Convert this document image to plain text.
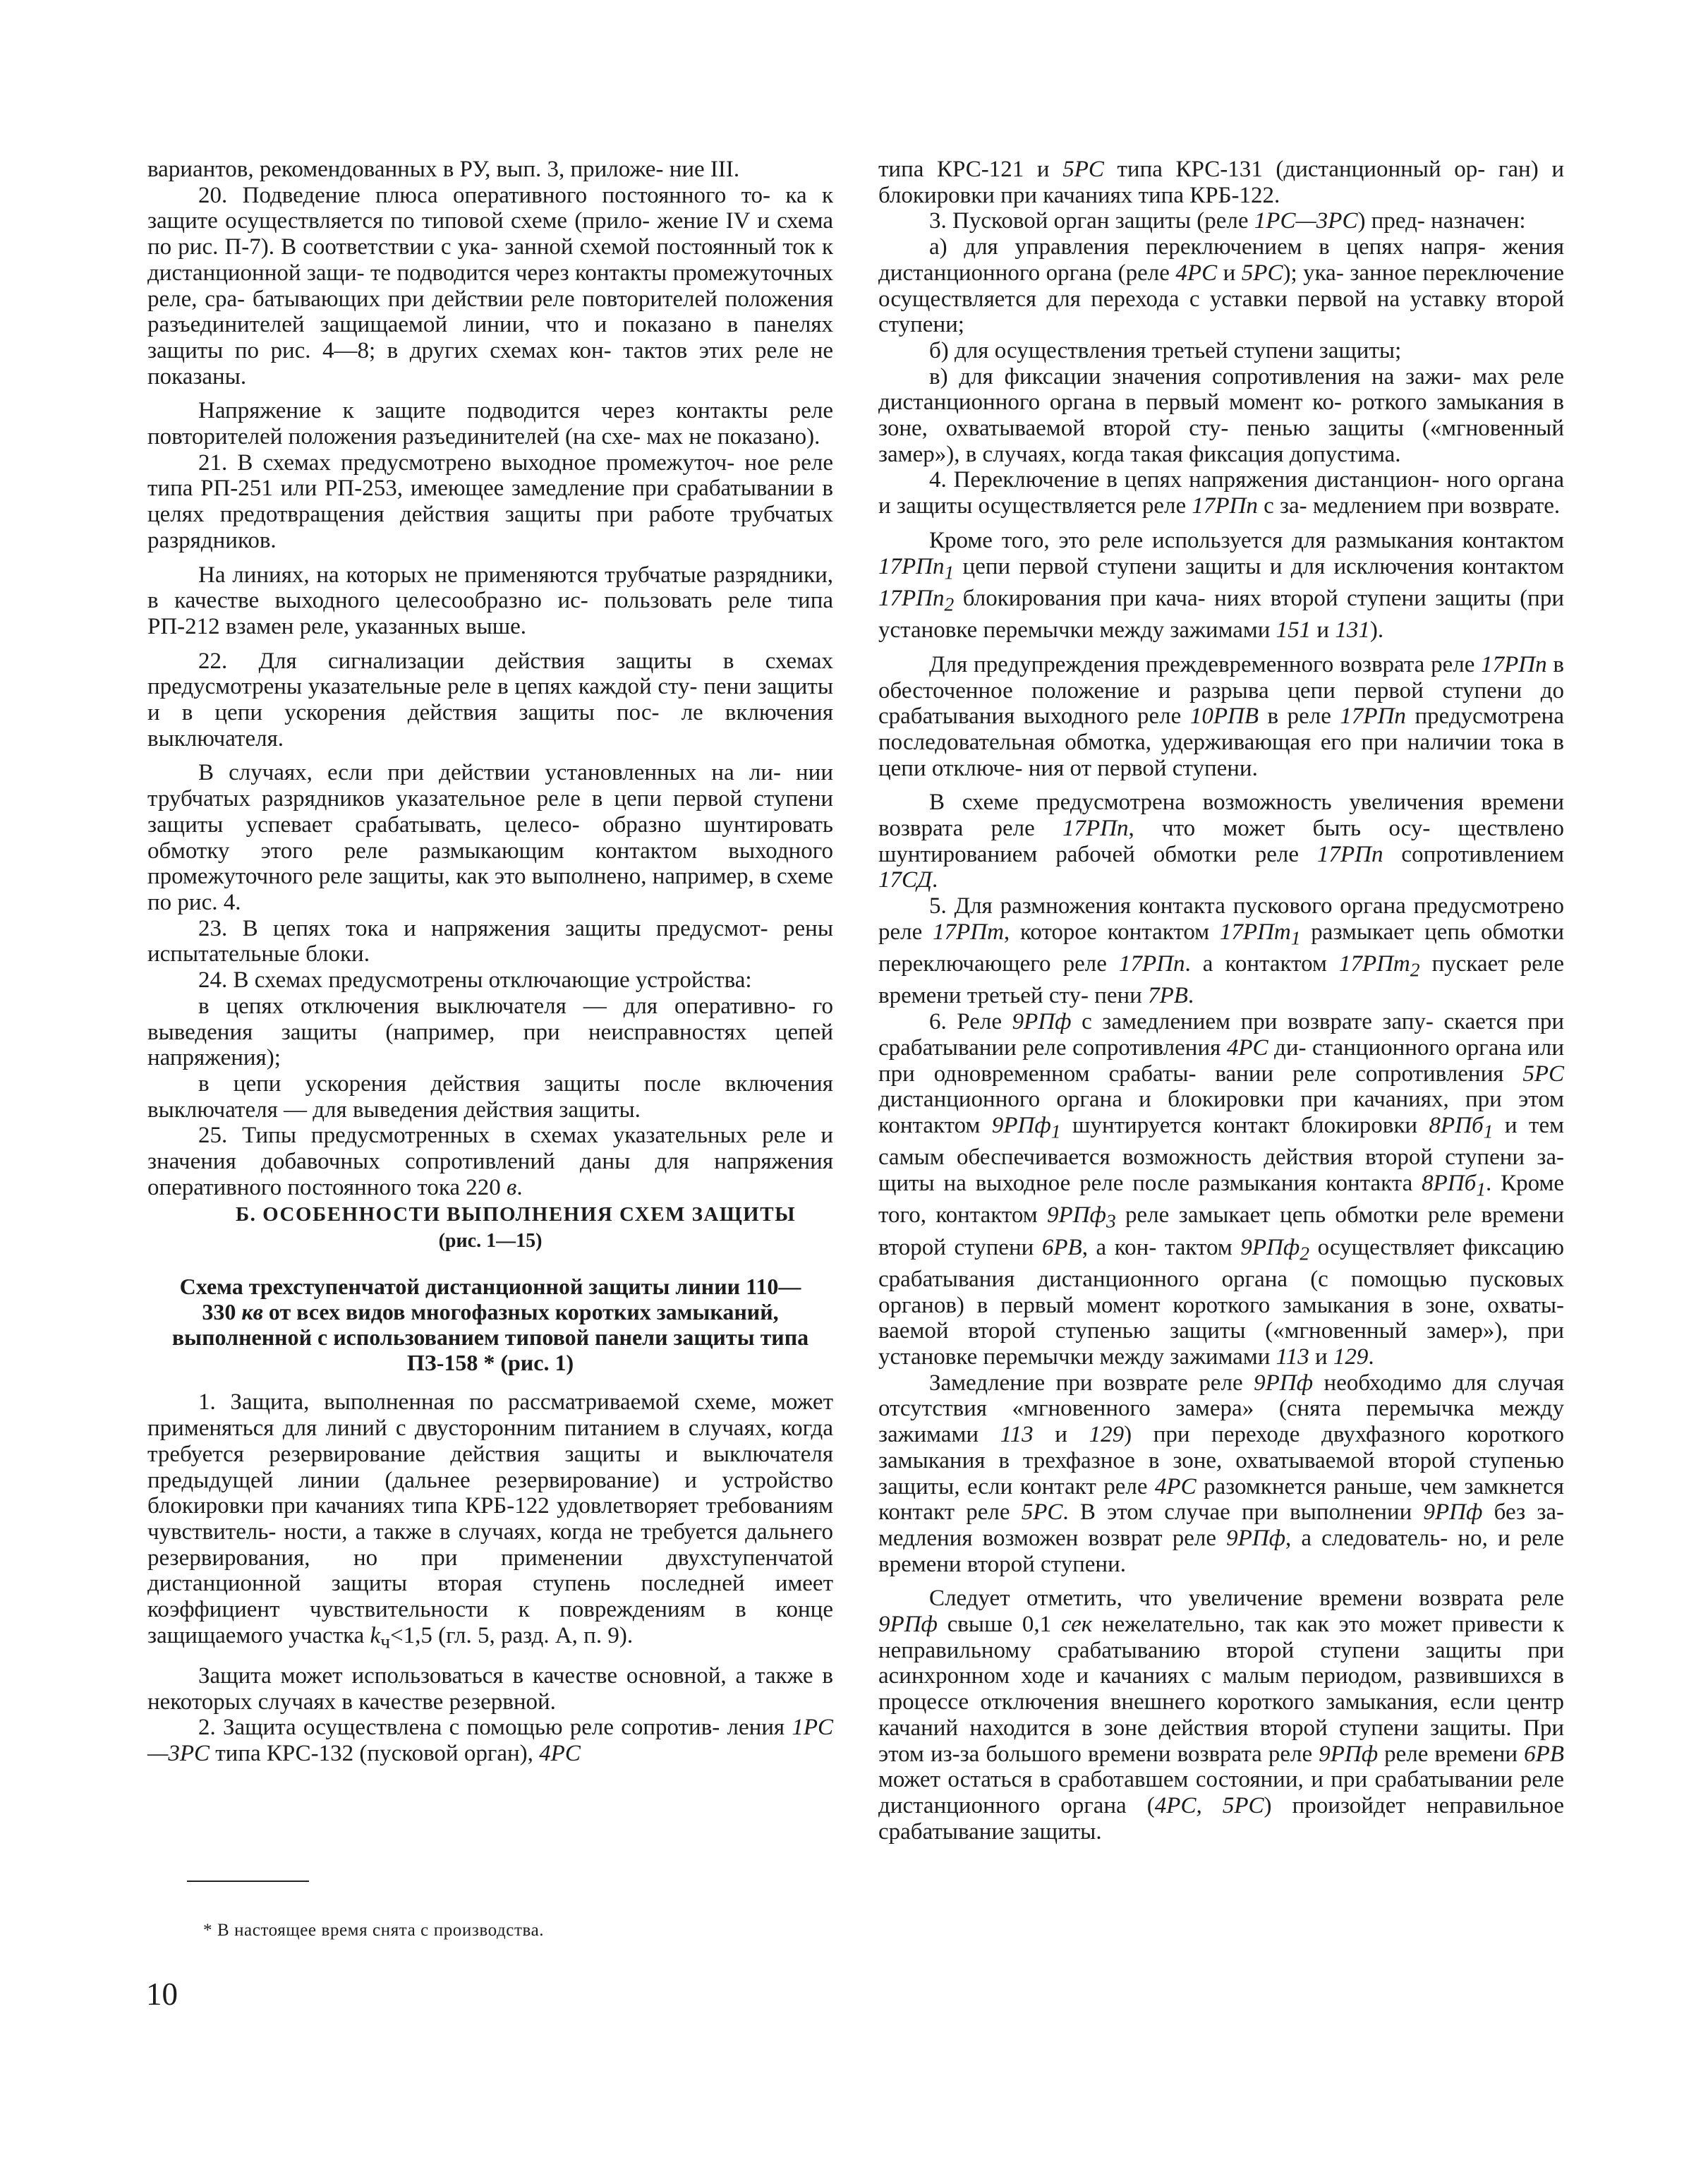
вариантов, рекомендованных в РУ, вып. 3, приложе- ние III.

20. Подведение плюса оперативного постоянного то- ка к защите осуществляется по типовой схеме (прило- жение IV и схема по рис. П-7). В соответствии с ука- занной схемой постоянный ток к дистанционной защи- те подводится через контакты промежуточных реле, сра- батывающих при действии реле повторителей положения разъединителей защищаемой линии, что и показано в панелях защиты по рис. 4—8; в других схемах кон- тактов этих реле не показаны.

Напряжение к защите подводится через контакты реле повторителей положения разъединителей (на схе- мах не показано).

21. В схемах предусмотрено выходное промежуточ- ное реле типа РП-251 или РП-253, имеющее замедление при срабатывании в целях предотвращения действия защиты при работе трубчатых разрядников.

На линиях, на которых не применяются трубчатые разрядники, в качестве выходного целесообразно ис- пользовать реле типа РП-212 взамен реле, указанных выше.

22. Для сигнализации действия защиты в схемах предусмотрены указательные реле в цепях каждой сту- пени защиты и в цепи ускорения действия защиты пос- ле включения выключателя.

В случаях, если при действии установленных на ли- нии трубчатых разрядников указательное реле в цепи первой ступени защиты успевает срабатывать, целесо- образно шунтировать обмотку этого реле размыкающим контактом выходного промежуточного реле защиты, как это выполнено, например, в схеме по рис. 4.

23. В цепях тока и напряжения защиты предусмот- рены испытательные блоки.

24. В схемах предусмотрены отключающие устройства:

в цепях отключения выключателя — для оперативно- го выведения защиты (например, при неисправностях цепей напряжения);

в цепи ускорения действия защиты после включения выключателя — для выведения действия защиты.

25. Типы предусмотренных в схемах указательных реле и значения добавочных сопротивлений даны для напряжения оперативного постоянного тока 220 в.

Б. ОСОБЕННОСТИ ВЫПОЛНЕНИЯ СХЕМ ЗАЩИТЫ

(рис. 1—15)
Схема трехступенчатой дистанционной защиты линии 110—330 кв от всех видов многофазных коротких замыканий, выполненной с использованием типовой панели защиты типа ПЗ-158 * (рис. 1)

1. Защита, выполненная по рассматриваемой схеме, может применяться для линий с двусторонним питанием в случаях, когда требуется резервирование действия защиты и выключателя предыдущей линии (дальнее резервирование) и устройство блокировки при качаниях типа КРБ-122 удовлетворяет требованиям чувствитель- ности, а также в случаях, когда не требуется дальнего резервирования, но при применении двухступенчатой дистанционной защиты вторая ступень последней имеет коэффициент чувствительности к повреждениям в конце защищаемого участка $k_ч<1,5$ (гл. 5, разд. А, п. 9).

Защита может использоваться в качестве основной, а также в некоторых случаях в качестве резервной.

2. Защита осуществлена с помощью реле сопротив- ления 1РС—3РС типа КРС-132 (пусковой орган), 4РС

типа КРС-121 и 5РС типа КРС-131 (дистанционный ор- ган) и блокировки при качаниях типа КРБ-122.

3. Пусковой орган защиты (реле 1РС—3РС) пред- назначен:

а) для управления переключением в цепях напря- жения дистанционного органа (реле 4РС и 5РС); ука- занное переключение осуществляется для перехода с уставки первой на уставку второй ступени;

б) для осуществления третьей ступени защиты;

в) для фиксации значения сопротивления на зажи- мах реле дистанционного органа в первый момент ко- роткого замыкания в зоне, охватываемой второй сту- пенью защиты («мгновенный замер»), в случаях, когда такая фиксация допустима.

4. Переключение в цепях напряжения дистанцион- ного органа и защиты осуществляется реле 17РПп с за- медлением при возврате.

Кроме того, это реле используется для размыкания контактом 17РПп$_1$ цепи первой ступени защиты и для исключения контактом 17РПп$_2$ блокирования при кача- ниях второй ступени защиты (при установке перемычки между зажимами 151 и 131).

Для предупреждения преждевременного возврата реле 17РПп в обесточенное положение и разрыва цепи первой ступени до срабатывания выходного реле 10РПВ в реле 17РПп предусмотрена последовательная обмотка, удерживающая его при наличии тока в цепи отключе- ния от первой ступени.

В схеме предусмотрена возможность увеличения времени возврата реле 17РПп, что может быть осу- ществлено шунтированием рабочей обмотки реле 17РПп сопротивлением 17СД.

5. Для размножения контакта пускового органа предусмотрено реле 17РПт, которое контактом 17РПт$_1$ размыкает цепь обмотки переключающего реле 17РПп. а контактом 17РПт$_2$ пускает реле времени третьей сту- пени 7РВ.

6. Реле 9РПф с замедлением при возврате запу- скается при срабатывании реле сопротивления 4РС ди- станционного органа или при одновременном срабаты- вании реле сопротивления 5РС дистанционного органа и блокировки при качаниях, при этом контактом 9РПф$_1$ шунтируется контакт блокировки 8РПб$_1$ и тем самым обеспечивается возможность действия второй ступени за- щиты на выходное реле после размыкания контакта 8РПб$_1$. Кроме того, контактом 9РПф$_3$ реле замыкает цепь обмотки реле времени второй ступени 6РВ, а кон- тактом 9РПф$_2$ осуществляет фиксацию срабатывания дистанционного органа (с помощью пусковых органов) в первый момент короткого замыкания в зоне, охваты- ваемой второй ступенью защиты («мгновенный замер»), при установке перемычки между зажимами 113 и 129.

Замедление при возврате реле 9РПф необходимо для случая отсутствия «мгновенного замера» (снята перемычка между зажимами 113 и 129) при переходе двухфазного короткого замыкания в трехфазное в зоне, охватываемой второй ступенью защиты, если контакт реле 4РС разомкнется раньше, чем замкнется контакт реле 5РС. В этом случае при выполнении 9РПф без за- медления возможен возврат реле 9РПф, а следователь- но, и реле времени второй ступени.

Следует отметить, что увеличение времени возврата реле 9РПф свыше 0,1 сек нежелательно, так как это может привести к неправильному срабатыванию второй ступени защиты при асинхронном ходе и качаниях с малым периодом, развившихся в процессе отключения внешнего короткого замыкания, если центр качаний находится в зоне действия второй ступени защиты. При этом из-за большого времени возврата реле 9РПф реле времени 6РВ может остаться в сработавшем состоянии, и при срабатывании реле дистанционного органа (4РС, 5РС) произойдет неправильное срабатывание защиты.

* В настоящее время снята с производства.
10
